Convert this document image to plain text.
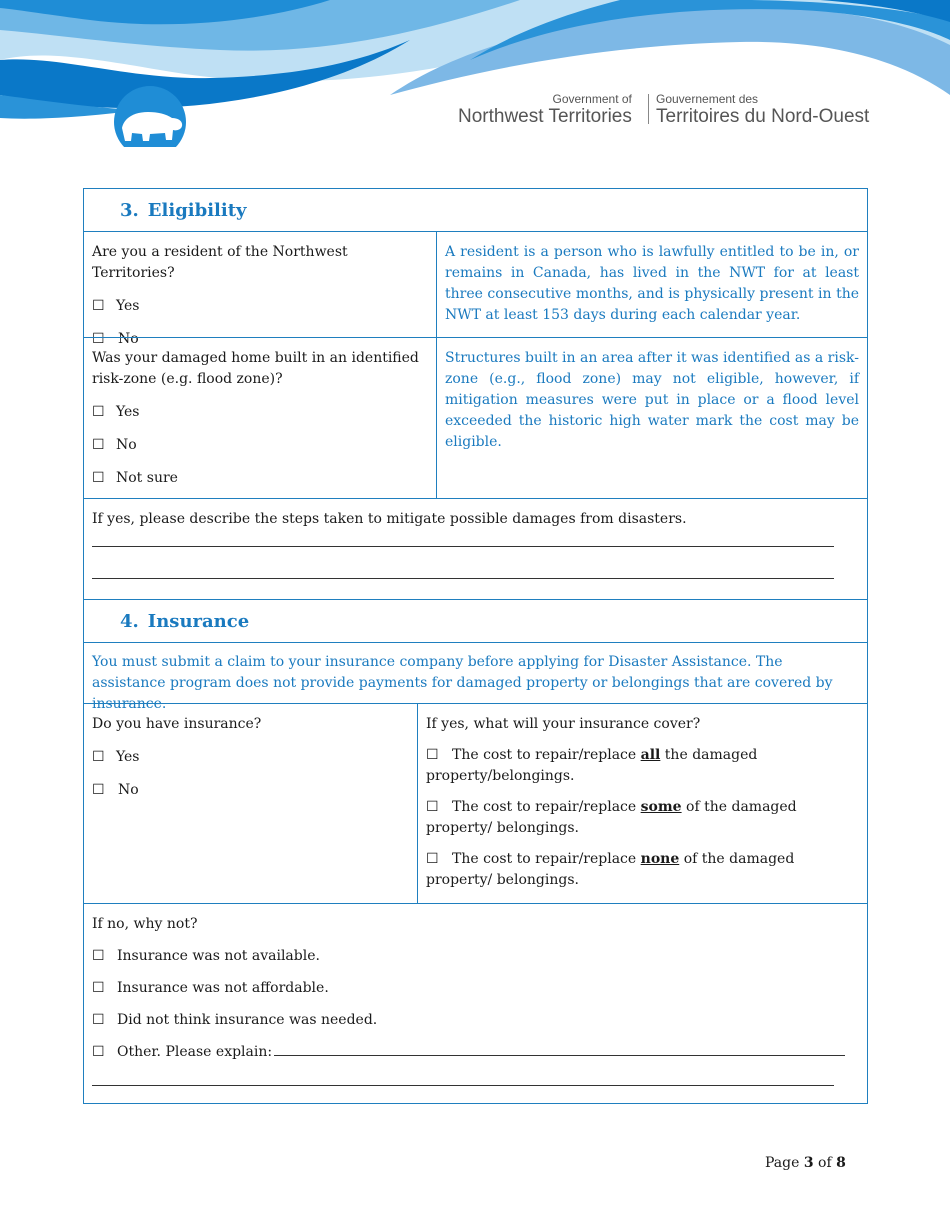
Government of
Northwest Territories
Gouvernement des
Territoires du Nord-Ouest
3. Eligibility
Are you a resident of the Northwest Territories?
☐ Yes
☐ No
A resident is a person who is lawfully entitled to be in, or remains in Canada, has lived in the NWT for at least three consecutive months, and is physically present in the NWT at least 153 days during each calendar year.
Was your damaged home built in an identified risk-zone (e.g. flood zone)?
☐ Yes
☐ No
☐ Not sure
Structures built in an area after it was identified as a risk-zone (e.g., flood zone) may not eligible, however, if mitigation measures were put in place or a flood level exceeded the historic high water mark the cost may be eligible.
If yes, please describe the steps taken to mitigate possible damages from disasters.
4. Insurance
You must submit a claim to your insurance company before applying for Disaster Assistance. The assistance program does not provide payments for damaged property or belongings that are covered by insurance.
Do you have insurance?
☐ Yes
☐ No
If yes, what will your insurance cover?
☐ The cost to repair/replace all the damaged property/belongings.
☐ The cost to repair/replace some of the damaged property/ belongings.
☐ The cost to repair/replace none of the damaged property/ belongings.
If no, why not?
☐ Insurance was not available.
☐ Insurance was not affordable.
☐ Did not think insurance was needed.
☐ Other. Please explain:
Page 3 of 8
